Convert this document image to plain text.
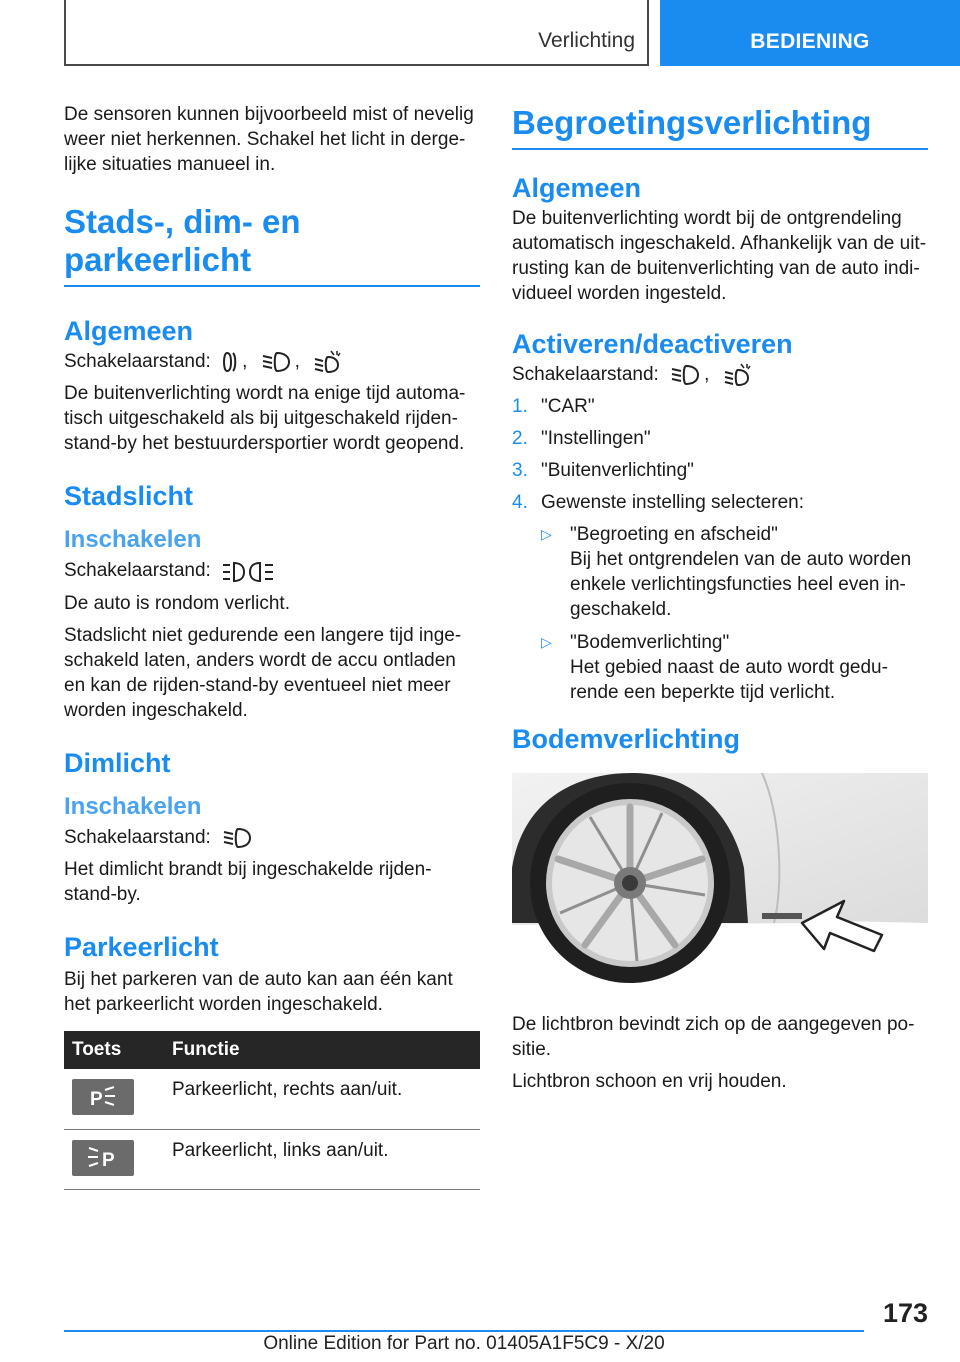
Verlichting	BEDIENING

De sensoren kunnen bijvoorbeeld mist of nevelig weer niet herkennen. Schakel het licht in derge-lijke situaties manueel in.

Stads-, dim- en parkeerlicht
Algemeen

Schakelaarstand: , ,

De buitenverlichting wordt na enige tijd automa-tisch uitgeschakeld als bij uitgeschakeld rijden-stand-by het bestuurdersportier wordt geopend.

Stadslicht
Inschakelen

Schakelaarstand:

De auto is rondom verlicht.

Stadslicht niet gedurende een langere tijd inge-schakeld laten, anders wordt de accu ontladen en kan de rijden-stand-by eventueel niet meer worden ingeschakeld.

Dimlicht
Inschakelen

Schakelaarstand:

Het dimlicht brandt bij ingeschakelde rijden-stand-by.

Parkeerlicht

Bij het parkeren van de auto kan aan één kant het parkeerlicht worden ingeschakeld.

Toets	Functie

P	Parkeerlicht, rechts aan/uit.

P	Parkeerlicht, links aan/uit.
Begroetingsverlichting
Algemeen

De buitenverlichting wordt bij de ontgrendeling automatisch ingeschakeld. Afhankelijk van de uit-rusting kan de buitenverlichting van de auto indi-vidueel worden ingesteld.

Activeren/deactiveren

Schakelaarstand: ,

1. "CAR"
2. "Instellingen"
3. "Buitenverlichting"
4. Gewenste instelling selecteren:
▷ "Begroeting en afscheid"
Bij het ontgrendelen van de auto worden enkele verlichtingsfuncties heel even in-geschakeld.
▷ "Bodemverlichting"
Het gebied naast de auto wordt gedu-rende een beperkte tijd verlicht.
Bodemverlichting

De lichtbron bevindt zich op de aangegeven po-sitie.

Lichtbron schoon en vrij houden.

173
Online Edition for Part no. 01405A1F5C9 - X/20
